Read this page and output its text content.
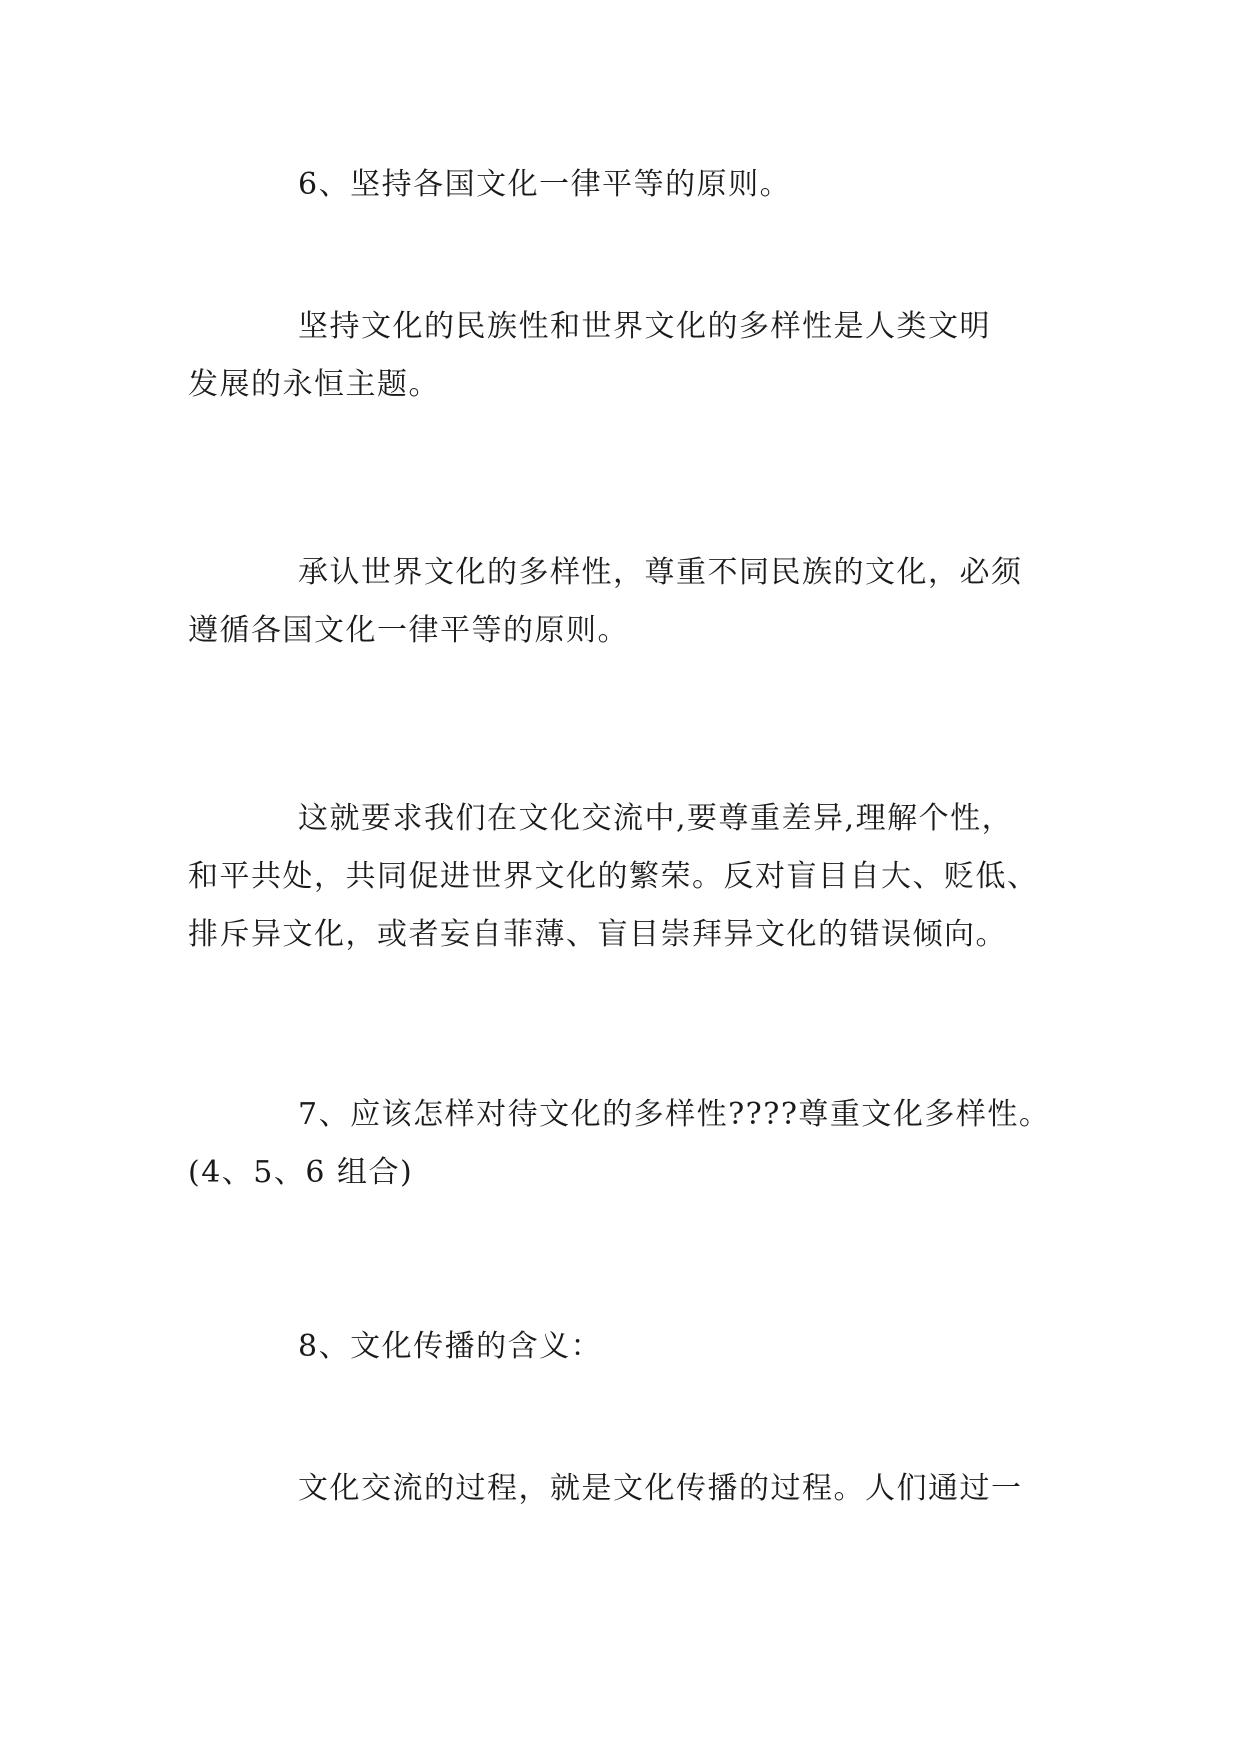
6、坚持各国文化一律平等的原则。
坚持文化的民族性和世界文化的多样性是人类文明
发展的永恒主题。
承认世界文化的多样性，尊重不同民族的文化，必须
遵循各国文化一律平等的原则。
这就要求我们在文化交流中,要尊重差异,理解个性，
和平共处，共同促进世界文化的繁荣。反对盲目自大、贬低、
排斥异文化，或者妄自菲薄、盲目崇拜异文化的错误倾向。
7、应该怎样对待文化的多样性????尊重文化多样性。
(4、5、6 组合)
8、文化传播的含义：
文化交流的过程，就是文化传播的过程。人们通过一
